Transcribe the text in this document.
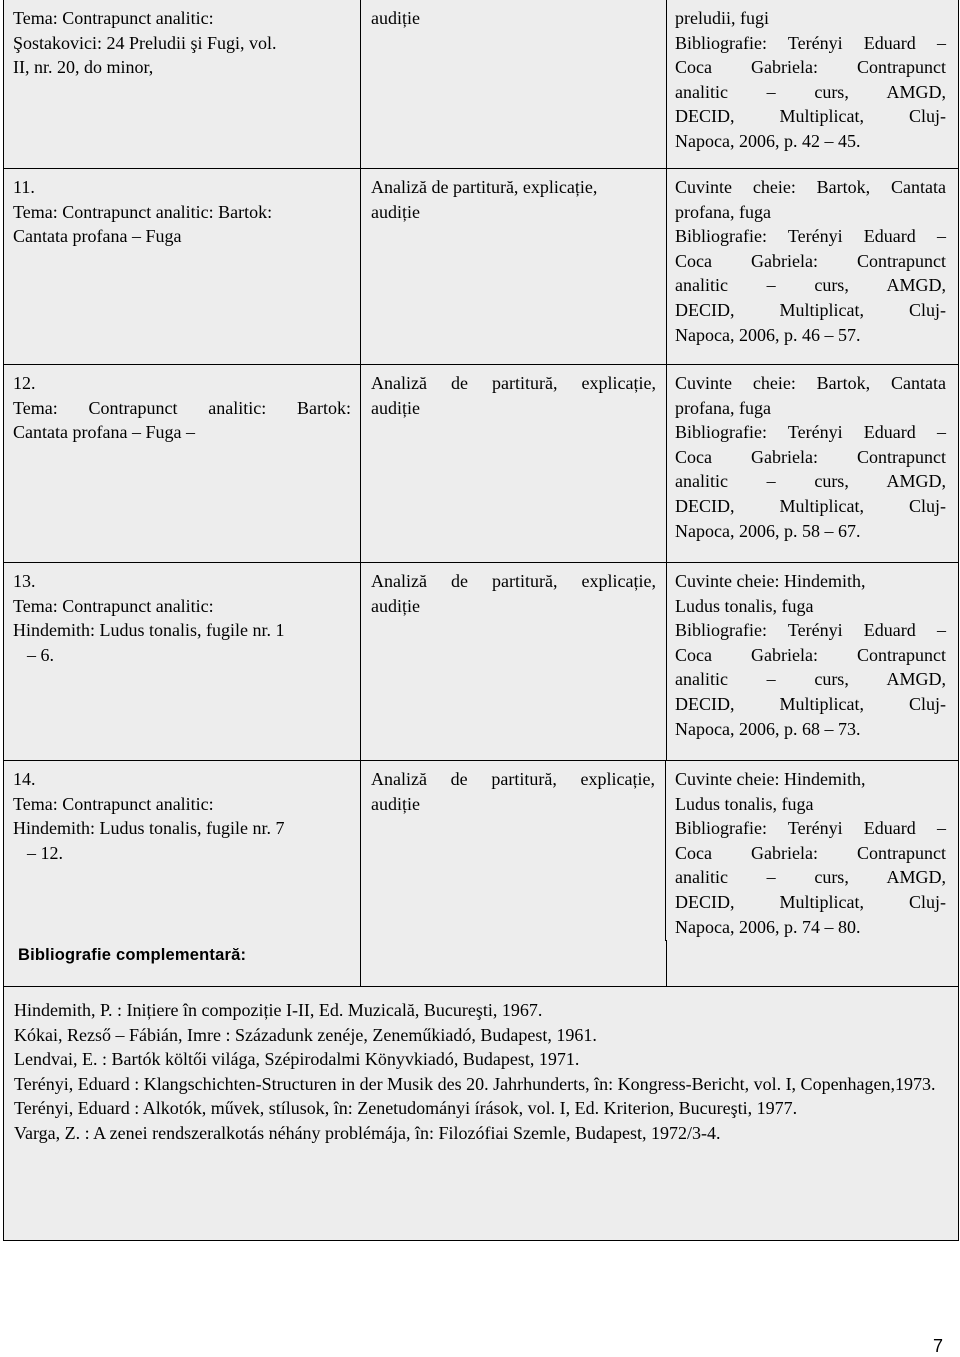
Tema: Contrapunct analitic:
Şostakovici: 24 Preludii şi Fugi, vol.
II, nr. 20, do minor,
audiție	preludii, fugi
Bibliografie: Terényi Eduard –
Coca Gabriela: Contrapunct
analitic – curs, AMGD,
DECID, Multiplicat, Cluj-
Napoca, 2006, p. 42 – 45.
11.
Tema: Contrapunct analitic: Bartok:
Cantata profana – Fuga
Analiză de partitură, explicație,
audiție
Cuvinte cheie: Bartok, Cantata
profana, fuga
Bibliografie: Terényi Eduard –
Coca Gabriela: Contrapunct
analitic – curs, AMGD,
DECID, Multiplicat, Cluj-
Napoca, 2006, p. 46 – 57.
12.
Tema: Contrapunct analitic: Bartok:
Cantata profana – Fuga –
Analiză de partitură, explicație,
audiție
Cuvinte cheie: Bartok, Cantata
profana, fuga
Bibliografie: Terényi Eduard –
Coca Gabriela: Contrapunct
analitic – curs, AMGD,
DECID, Multiplicat, Cluj-
Napoca, 2006, p. 58 – 67.
13.
Tema: Contrapunct analitic:
Hindemith: Ludus tonalis, fugile nr. 1
– 6.
Analiză de partitură, explicație,
audiție
Cuvinte cheie: Hindemith,
Ludus tonalis, fuga
Bibliografie: Terényi Eduard –
Coca Gabriela: Contrapunct
analitic – curs, AMGD,
DECID, Multiplicat, Cluj-
Napoca, 2006, p. 68 – 73.
14.
Tema: Contrapunct analitic:
Hindemith: Ludus tonalis, fugile nr. 7
– 12.
Analiză de partitură, explicație,
audiție
Cuvinte cheie: Hindemith,
Ludus tonalis, fuga
Bibliografie: Terényi Eduard –
Coca Gabriela: Contrapunct
analitic – curs, AMGD,
DECID, Multiplicat, Cluj-
Napoca, 2006, p. 74 – 80.
Bibliografie complementară:
Hindemith, P. : Inițiere în compoziție I-II, Ed. Muzicală, Bucureşti, 1967.
Kókai, Rezső – Fábián, Imre : Századunk zenéje, Zeneműkiadó, Budapest, 1961.
Lendvai, E. : Bartók költői világa, Szépirodalmi Könyvkiadó, Budapest, 1971.
Terényi, Eduard : Klangschichten-Structuren in der Musik des 20. Jahrhunderts, în: Kongress-Bericht, vol. I, Copenhagen,1973.
Terényi, Eduard : Alkotók, művek, stílusok, în: Zenetudományi írások, vol. I, Ed. Kriterion, Bucureşti, 1977.
Varga, Z. : A zenei rendszeralkotás néhány problémája, în: Filozófiai Szemle, Budapest, 1972/3-4.
7
